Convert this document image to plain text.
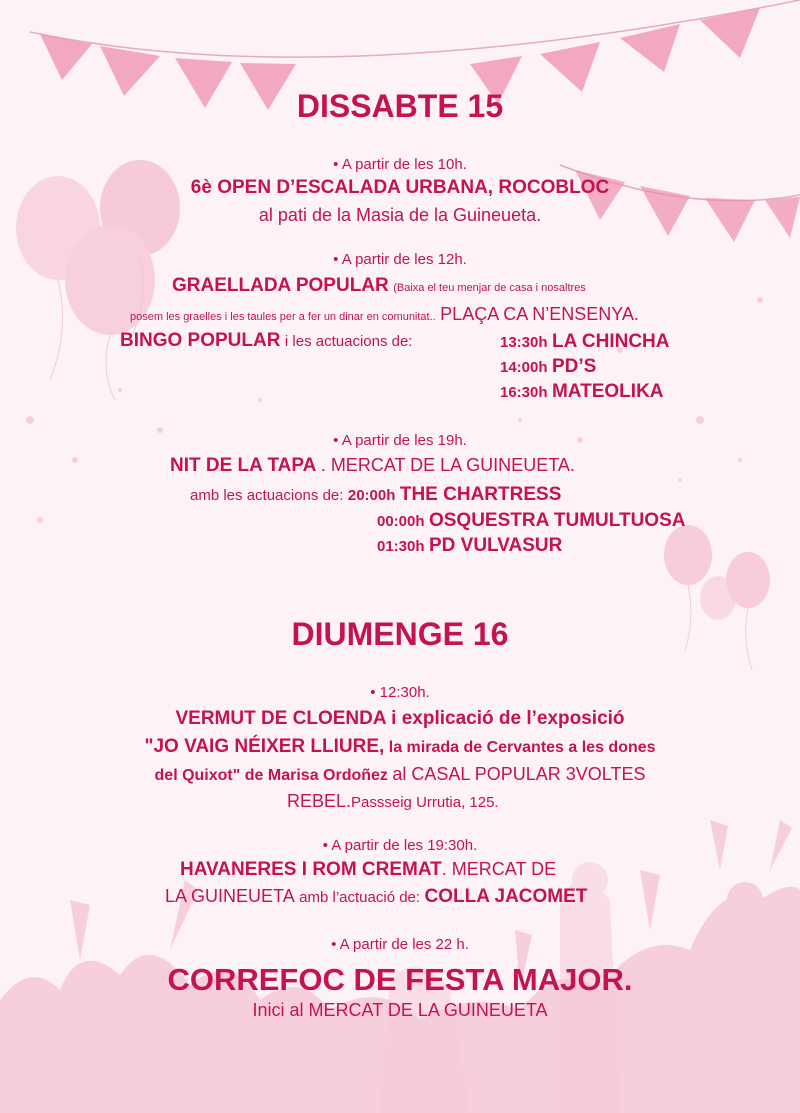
DISSABTE 15
• A partir de les 10h.
6è OPEN D’ESCALADA URBANA, ROCOBLOC
al pati de la Masia de la Guineueta.
• A partir de les 12h.
GRAELLADA POPULAR (Baixa el teu menjar de casa i nosaltres
posem les graelles i les taules per a fer un dinar en comunitat.. PLAÇA CA N’ENSENYA.
BINGO POPULAR i les actuacions de:	13:30h LA CHINCHA
14:00h PD’S
16:30h MATEOLIKA
• A partir de les 19h.
NIT DE LA TAPA . MERCAT DE LA GUINEUETA.
amb les actuacions de: 20:00h THE CHARTRESS
00:00h OSQUESTRA TUMULTUOSA
01:30h PD VULVASUR
DIUMENGE 16
• 12:30h.
VERMUT DE CLOENDA i explicació de l’exposició
"JO VAIG NÉIXER LLIURE, la mirada de Cervantes a les dones
del Quixot" de Marisa Ordoñez al CASAL POPULAR 3VOLTES
REBEL.Passseig Urrutia, 125.
• A partir de les 19:30h.
HAVANERES I ROM CREMAT. MERCAT DE
LA GUINEUETA amb l’actuació de: COLLA JACOMET
• A partir de les 22 h.
CORREFOC DE FESTA MAJOR.
Inici al MERCAT DE LA GUINEUETA
